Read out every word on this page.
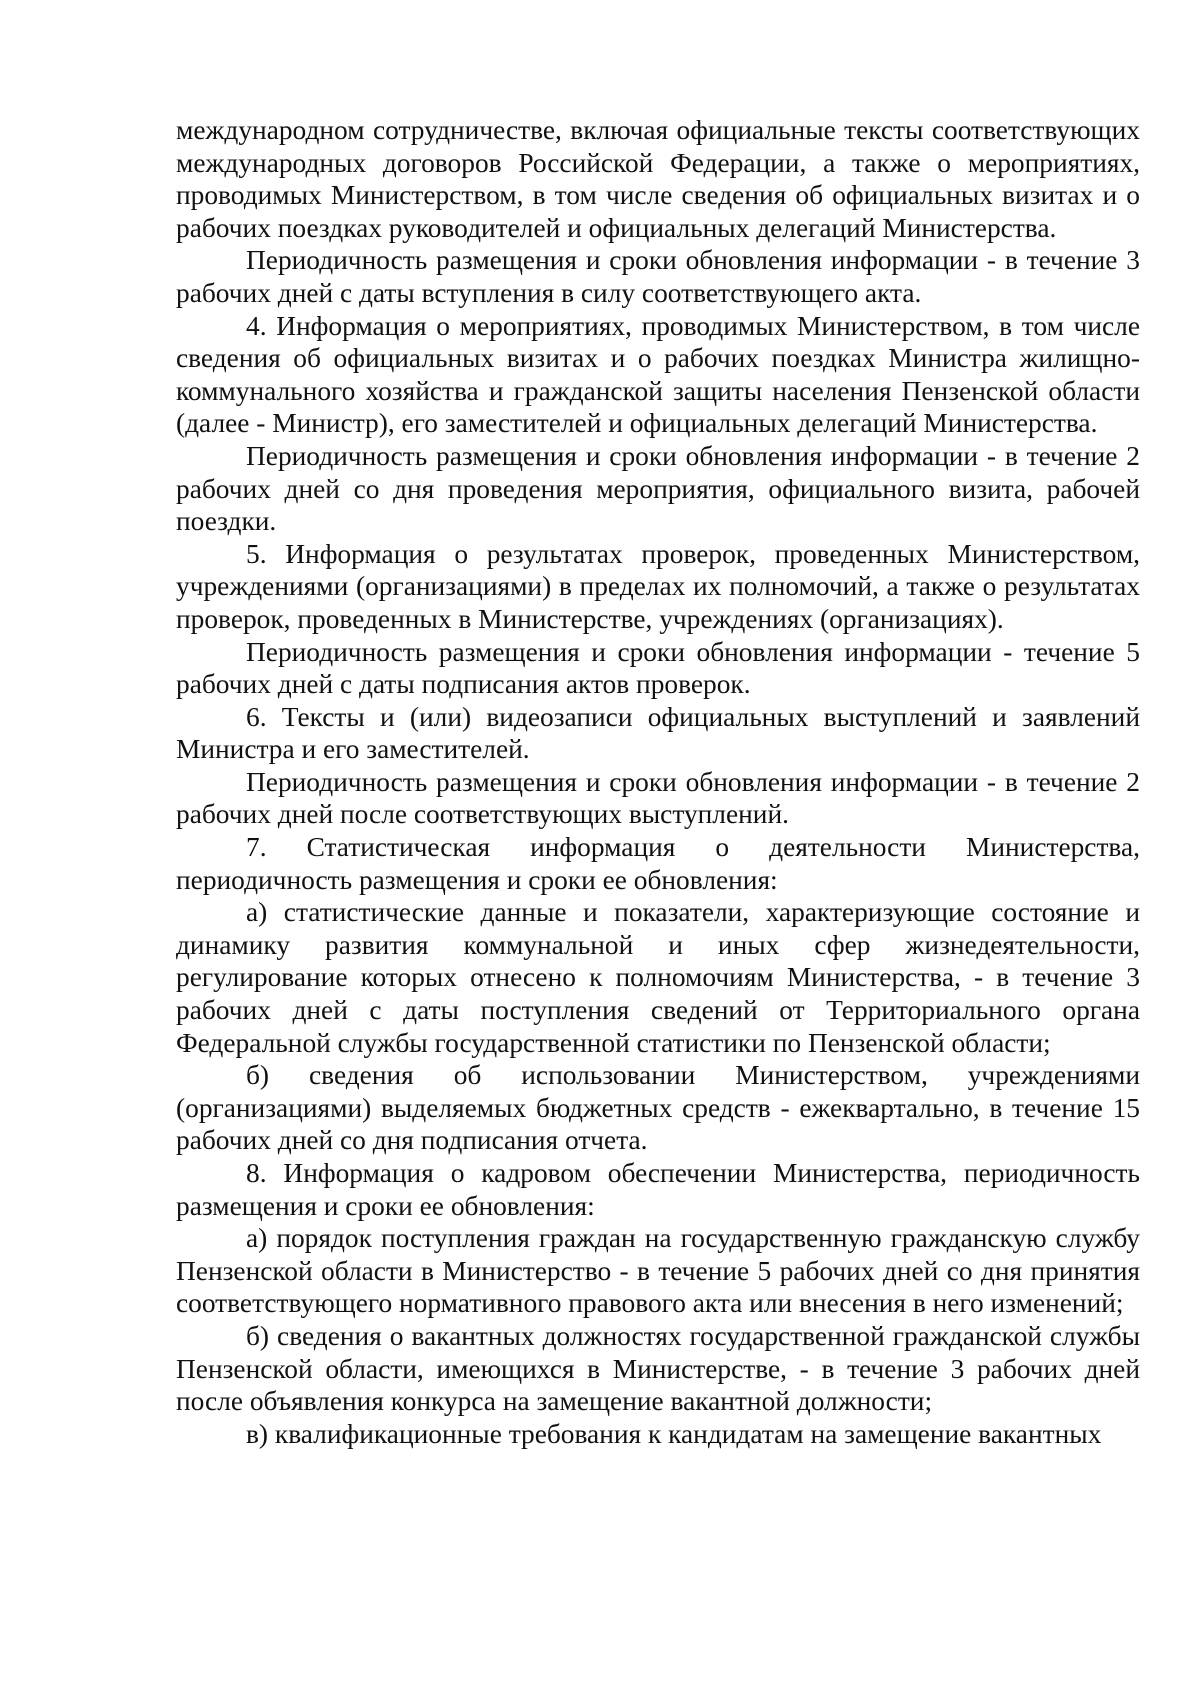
международном сотрудничестве, включая официальные тексты соответствующих международных договоров Российской Федерации, а также о мероприятиях, проводимых Министерством, в том числе сведения об официальных визитах и о рабочих поездках руководителей и официальных делегаций Министерства.

Периодичность размещения и сроки обновления информации - в течение 3 рабочих дней с даты вступления в силу соответствующего акта.

4. Информация о мероприятиях, проводимых Министерством, в том числе сведения об официальных визитах и о рабочих поездках Министра жилищно-коммунального хозяйства и гражданской защиты населения Пензенской области (далее - Министр), его заместителей и официальных делегаций Министерства.

Периодичность размещения и сроки обновления информации - в течение 2 рабочих дней со дня проведения мероприятия, официального визита, рабочей поездки.

5. Информация о результатах проверок, проведенных Министерством, учреждениями (организациями) в пределах их полномочий, а также о результатах проверок, проведенных в Министерстве, учреждениях (организациях).

Периодичность размещения и сроки обновления информации - течение 5 рабочих дней с даты подписания актов проверок.

6. Тексты и (или) видеозаписи официальных выступлений и заявлений Министра и его заместителей.

Периодичность размещения и сроки обновления информации - в течение 2 рабочих дней после соответствующих выступлений.

7. Статистическая информация о деятельности Министерства, периодичность размещения и сроки ее обновления:

а) статистические данные и показатели, характеризующие состояние и динамику развития коммунальной и иных сфер жизнедеятельности, регулирование которых отнесено к полномочиям Министерства, - в течение 3 рабочих дней с даты поступления сведений от Территориального органа Федеральной службы государственной статистики по Пензенской области;

б) сведения об использовании Министерством, учреждениями (организациями) выделяемых бюджетных средств - ежеквартально, в течение 15 рабочих дней со дня подписания отчета.

8. Информация о кадровом обеспечении Министерства, периодичность размещения и сроки ее обновления:

а) порядок поступления граждан на государственную гражданскую службу Пензенской области в Министерство - в течение 5 рабочих дней со дня принятия соответствующего нормативного правового акта или внесения в него изменений;

б) сведения о вакантных должностях государственной гражданской службы Пензенской области, имеющихся в Министерстве, - в течение 3 рабочих дней после объявления конкурса на замещение вакантной должности;

в) квалификационные требования к кандидатам на замещение вакантных
